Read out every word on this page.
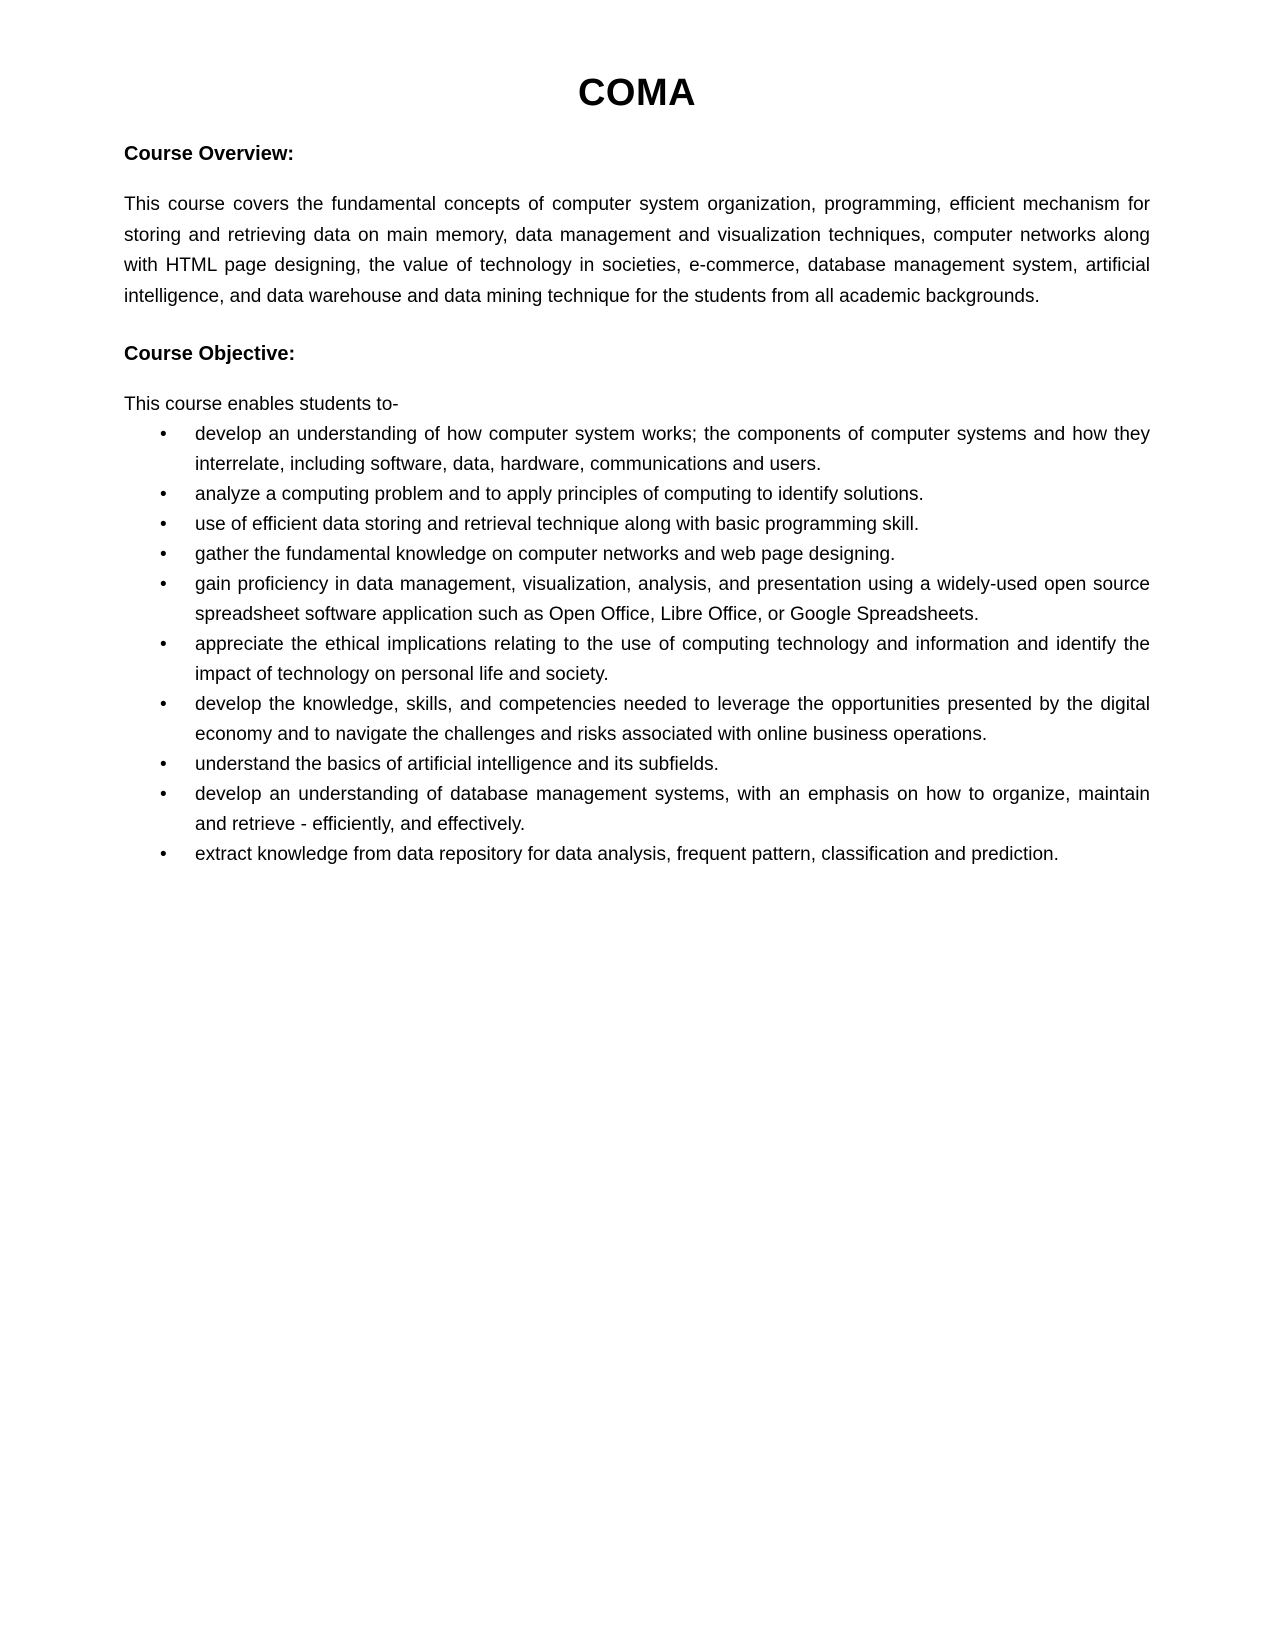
COMA
Course Overview:

This course covers the fundamental concepts of computer system organization, programming, efficient mechanism for storing and retrieving data on main memory, data management and visualization techniques, computer networks along with HTML page designing, the value of technology in societies, e-commerce, database management system, artificial intelligence, and data warehouse and data mining technique for the students from all academic backgrounds.

Course Objective:

This course enables students to-

• develop an understanding of how computer system works; the components of computer systems and how they interrelate, including software, data, hardware, communications and users.
• analyze a computing problem and to apply principles of computing to identify solutions.
• use of efficient data storing and retrieval technique along with basic programming skill.
• gather the fundamental knowledge on computer networks and web page designing.
• gain proficiency in data management, visualization, analysis, and presentation using a widely-used open source spreadsheet software application such as Open Office, Libre Office, or Google Spreadsheets.
• appreciate the ethical implications relating to the use of computing technology and information and identify the impact of technology on personal life and society.
• develop the knowledge, skills, and competencies needed to leverage the opportunities presented by the digital economy and to navigate the challenges and risks associated with online business operations.
• understand the basics of artificial intelligence and its subfields.
• develop an understanding of database management systems, with an emphasis on how to organize, maintain and retrieve - efficiently, and effectively.
• extract knowledge from data repository for data analysis, frequent pattern, classification and prediction.
